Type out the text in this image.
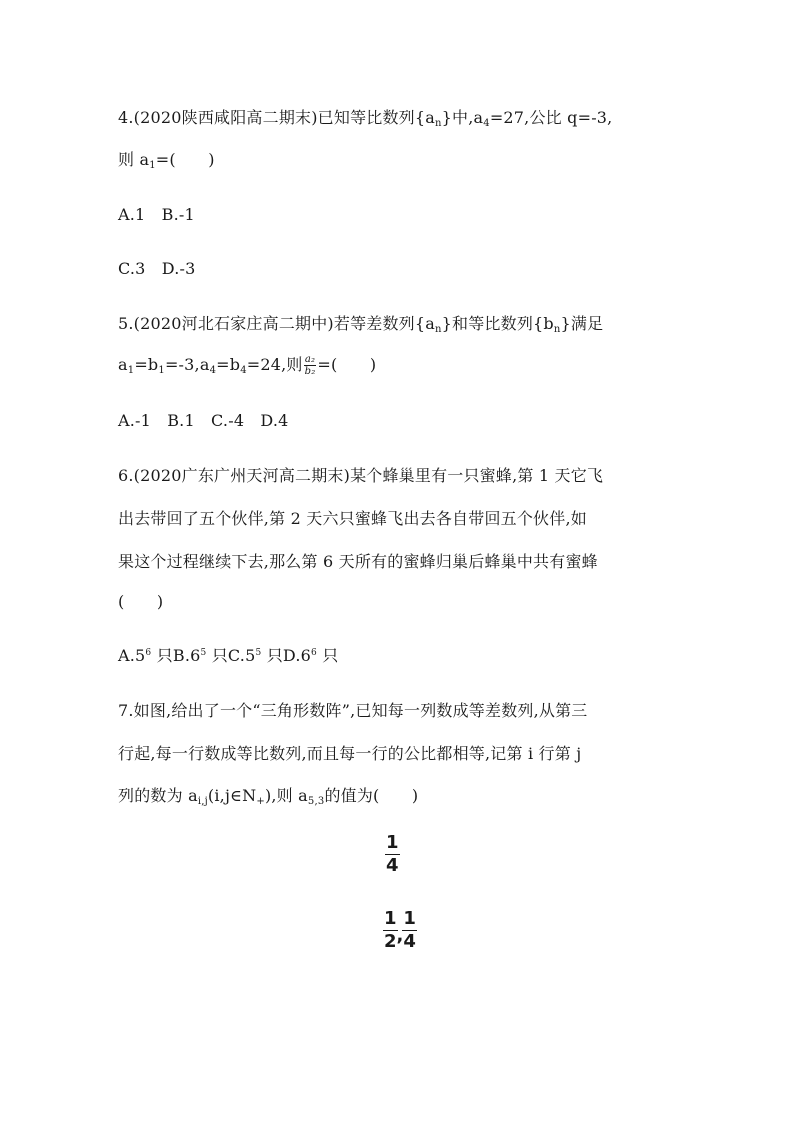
4.(2020陕西咸阳高二期末)已知等比数列$\{a_n\}$中$,a_4=27$,公比 q=-3,
则 $a_1=$(　　)
A.1　B.-1
C.3　D.-3
5.(2020河北石家庄高二期中)若等差数列$\{a_n\}$和等比数列$\{b_n\}$满足
$a_1=b_1=-3,a_4=b_4=24$,则 $\frac{\text{a₂}}{\text{b₂}}$ =(　　)
A.-1　B.1　C.-4　D.4
6.(2020广东广州天河高二期末)某个蜂巢里有一只蜜蜂,第 1 天它飞
出去带回了五个伙伴,第 2 天六只蜜蜂飞出去各自带回五个伙伴,如
果这个过程继续下去,那么第 6 天所有的蜜蜂归巢后蜂巢中共有蜜蜂
(　　)
$A.5^6$ 只$B.6^5$ 只$C.5^5$ 只$D.6^6$ 只
7.如图,给出了一个“三角形数阵”,已知每一列数成等差数列,从第三
行起,每一行数成等比数列,而且每一行的公比都相等,记第 i 行第 j
列的数为 $a_{i,j}(i,j\in N_+)$,则 $a_{5,3}$的值为(　　)
$\frac{1}{4}$
$\frac{1}{2}$ , $\frac{1}{4}$
